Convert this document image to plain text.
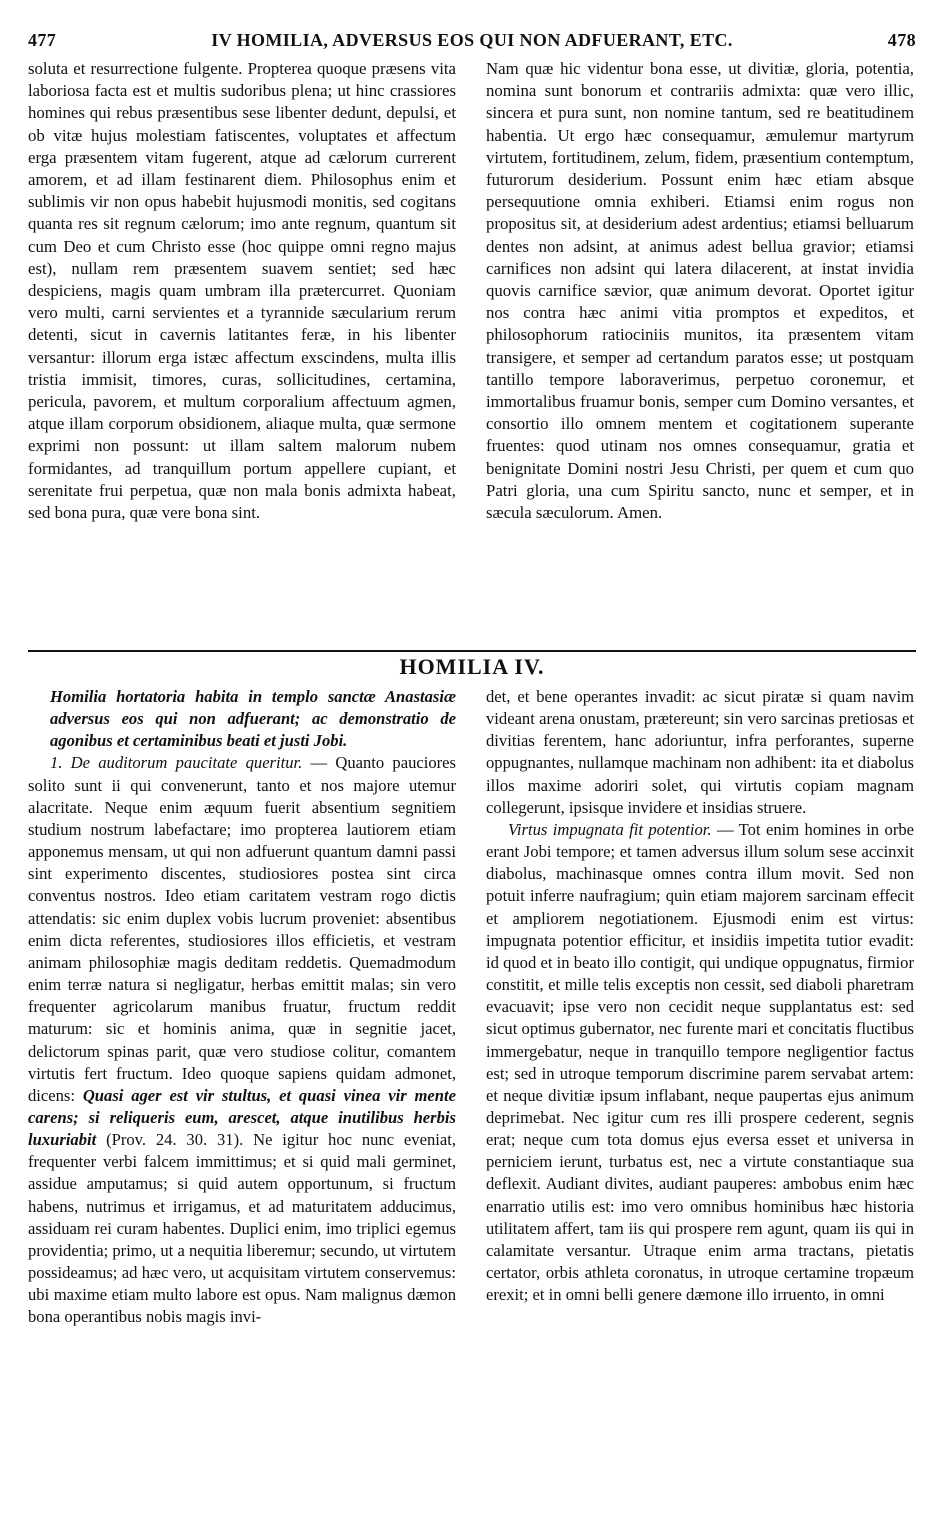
477	IV HOMILIA, ADVERSUS EOS QUI NON ADFUERANT, ETC.	478

soluta et resurrectione fulgente. Propterea quoque præsens vita laboriosa facta est et multis sudoribus plena; ut hinc crassiores homines qui rebus præsentibus sese libenter dedunt, depulsi, et ob vitæ hujus molestiam fatiscentes, voluptates et affectum erga præsentem vitam fugerent, atque ad cælorum currerent amorem, et ad illam festinarent diem. Philosophus enim et sublimis vir non opus habebit hujusmodi monitis, sed cogitans quanta res sit regnum cælorum; imo ante regnum, quantum sit cum Deo et cum Christo esse (hoc quippe omni regno majus est), nullam rem præsentem suavem sentiet; sed hæc despiciens, magis quam umbram illa prætercurret. Quoniam vero multi, carni servientes et a tyrannide sæcularium rerum detenti, sicut in cavernis latitantes feræ, in his libenter versantur: illorum erga istæc affectum exscindens, multa illis tristia immisit, timores, curas, sollicitudines, certamina, pericula, pavorem, et multum corporalium affectuum agmen, atque illam corporum obsidionem, aliaque multa, quæ sermone exprimi non possunt: ut illam saltem malorum nubem formidantes, ad tranquillum portum appellere cupiant, et serenitate frui perpetua, quæ non mala bonis admixta habeat, sed bona pura, quæ vere bona sint.

Nam quæ hic videntur bona esse, ut divitiæ, gloria, potentia, nomina sunt bonorum et contrariis admixta: quæ vero illic, sincera et pura sunt, non nomine tantum, sed re beatitudinem habentia. Ut ergo hæc consequamur, æmulemur martyrum virtutem, fortitudinem, zelum, fidem, præsentium contemptum, futurorum desiderium. Possunt enim hæc etiam absque persequutione omnia exhiberi. Etiamsi enim rogus non propositus sit, at desiderium adest ardentius; etiamsi belluarum dentes non adsint, at animus adest bellua gravior; etiamsi carnifices non adsint qui latera dilacerent, at instat invidia quovis carnifice sævior, quæ animum devorat. Oportet igitur nos contra hæc animi vitia promptos et expeditos, et philosophorum ratiociniis munitos, ita præsentem vitam transigere, et semper ad certandum paratos esse; ut postquam tantillo tempore laboraverimus, perpetuo coronemur, et immortalibus fruamur bonis, semper cum Domino versantes, et consortio illo omnem mentem et cogitationem superante fruentes: quod utinam nos omnes consequamur, gratia et benignitate Domini nostri Jesu Christi, per quem et cum quo Patri gloria, una cum Spiritu sancto, nunc et semper, et in sæcula sæculorum. Amen.

HOMILIA IV.

Homilia hortatoria habita in templo sanctæ Anastasiæ adversus eos qui non adfuerant; ac demonstratio de agonibus et certaminibus beati et justi Jobi.

1. De auditorum paucitate queritur. — Quanto pauciores solito sunt ii qui convenerunt, tanto et nos majore utemur alacritate. Neque enim æquum fuerit absentium segnitiem studium nostrum labefactare; imo propterea lautiorem etiam apponemus mensam, ut qui non adfuerunt quantum damni passi sint experimento discentes, studiosiores postea sint circa conventus nostros. Ideo etiam caritatem vestram rogo dictis attendatis: sic enim duplex vobis lucrum proveniet: absentibus enim dicta referentes, studiosiores illos efficietis, et vestram animam philosophiæ magis deditam reddetis. Quemadmodum enim terræ natura si negligatur, herbas emittit malas; sin vero frequenter agricolarum manibus fruatur, fructum reddit maturum: sic et hominis anima, quæ in segnitie jacet, delictorum spinas parit, quæ vero studiose colitur, comantem virtutis fert fructum. Ideo quoque sapiens quidam admonet, dicens: Quasi ager est vir stultus, et quasi vinea vir mente carens; si reliqueris eum, arescet, atque inutilibus herbis luxuriabit (Prov. 24. 30. 31). Ne igitur hoc nunc eveniat, frequenter verbi falcem immittimus; et si quid mali germinet, assidue amputamus; si quid autem opportunum, si fructum habens, nutrimus et irrigamus, et ad maturitatem adducimus, assiduam rei curam habentes. Duplici enim, imo triplici egemus providentia; primo, ut a nequitia liberemur; secundo, ut virtutem possideamus; ad hæc vero, ut acquisitam virtutem conservemus: ubi maxime etiam multo labore est opus. Nam malignus dæmon bona operantibus nobis magis invi-

det, et bene operantes invadit: ac sicut piratæ si quam navim videant arena onustam, prætereunt; sin vero sarcinas pretiosas et divitias ferentem, hanc adoriuntur, infra perforantes, superne oppugnantes, nullamque machinam non adhibent: ita et diabolus illos maxime adoriri solet, qui virtutis copiam magnam collegerunt, ipsisque invidere et insidias struere.

Virtus impugnata fit potentior. — Tot enim homines in orbe erant Jobi tempore; et tamen adversus illum solum sese accinxit diabolus, machinasque omnes contra illum movit. Sed non potuit inferre naufragium; quin etiam majorem sarcinam effecit et ampliorem negotiationem. Ejusmodi enim est virtus: impugnata potentior efficitur, et insidiis impetita tutior evadit: id quod et in beato illo contigit, qui undique oppugnatus, firmior constitit, et mille telis exceptis non cessit, sed diaboli pharetram evacuavit; ipse vero non cecidit neque supplantatus est: sed sicut optimus gubernator, nec furente mari et concitatis fluctibus immergebatur, neque in tranquillo tempore negligentior factus est; sed in utroque temporum discrimine parem servabat artem: et neque divitiæ ipsum inflabant, neque paupertas ejus animum deprimebat. Nec igitur cum res illi prospere cederent, segnis erat; neque cum tota domus ejus eversa esset et universa in perniciem ierunt, turbatus est, nec a virtute constantiaque sua deflexit. Audiant divites, audiant pauperes: ambobus enim hæc enarratio utilis est: imo vero omnibus hominibus hæc historia utilitatem affert, tam iis qui prospere rem agunt, quam iis qui in calamitate versantur. Utraque enim arma tractans, pietatis certator, orbis athleta coronatus, in utroque certamine tropæum erexit; et in omni belli genere dæmone illo irruento, in omni
